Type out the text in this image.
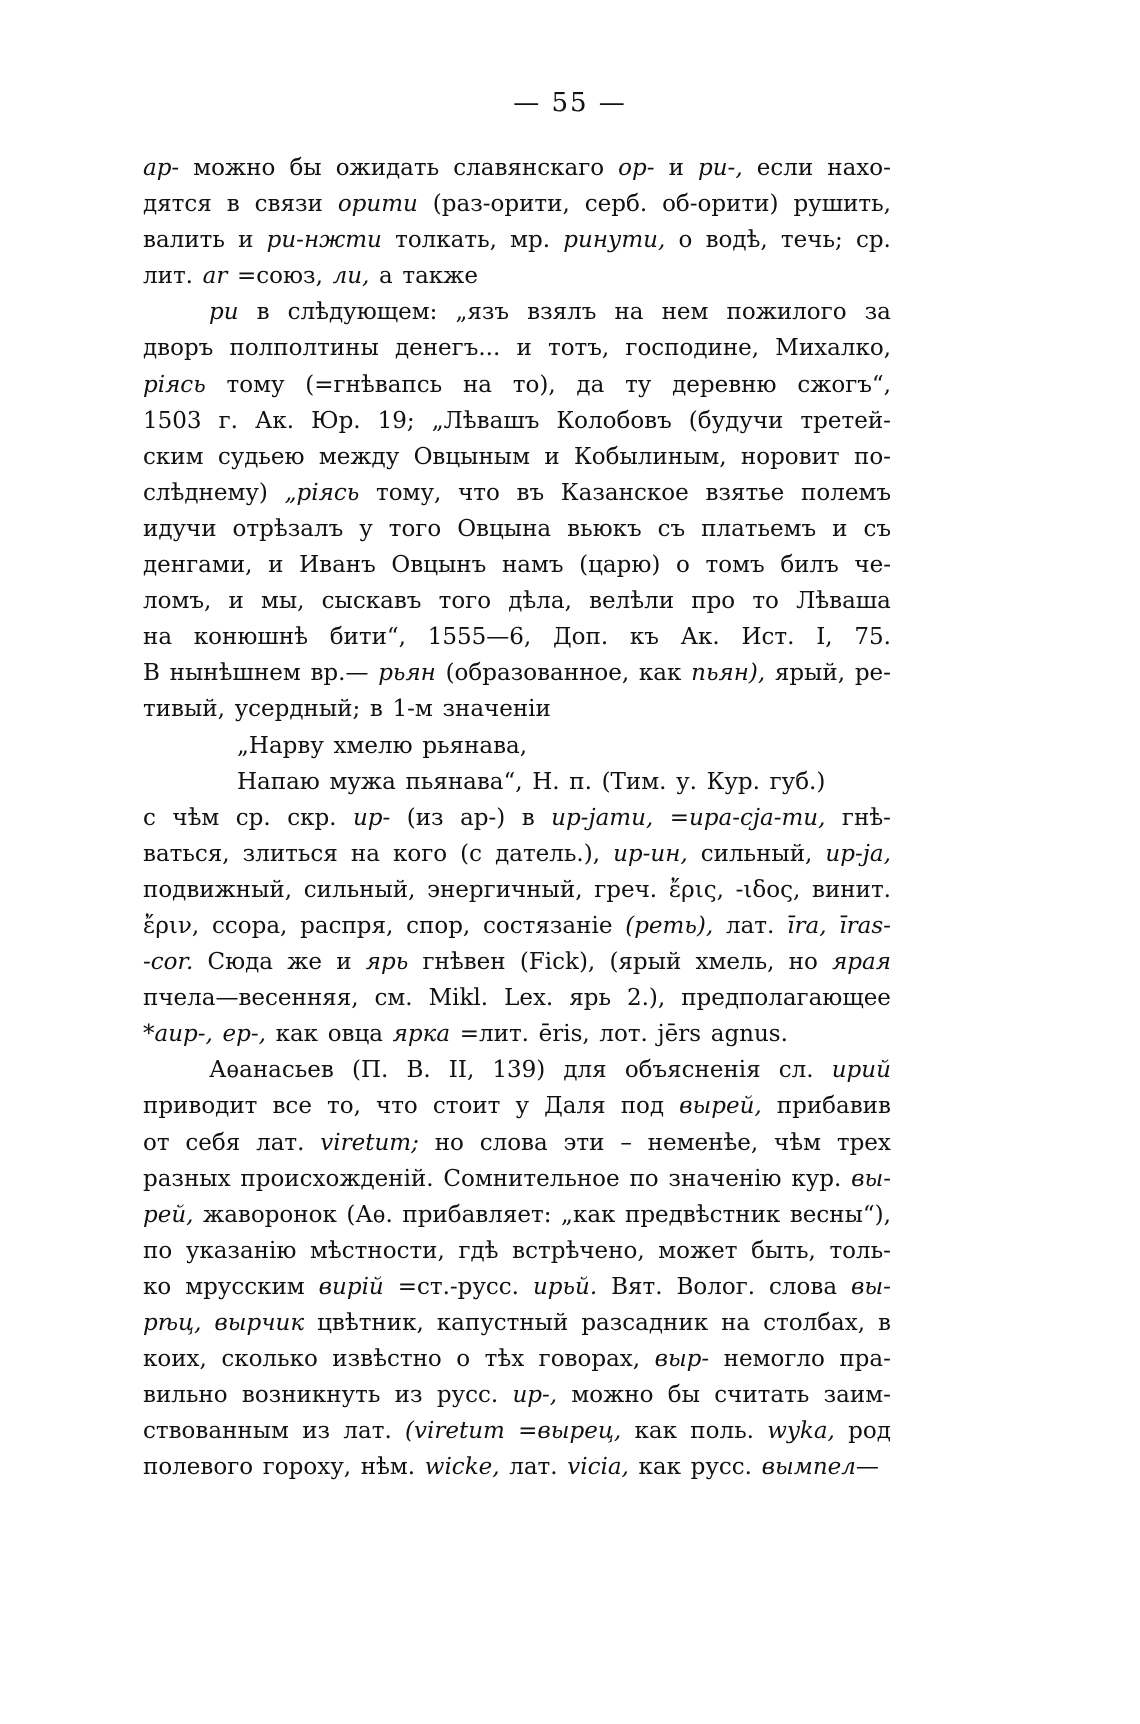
— 55 —
ар- можно бы ожидать славянскаго ор- и ри-, если нахо-
дятся в связи орити (раз-орити, серб. об-орити) рушить,
валить и ри-нжти толкать, мр. ринути, о водѣ, течь; ср.
лит. ar =союз, ли, а также
ри в слѣдующем: „язъ взялъ на нем пожилого за
дворъ полполтины денегъ... и тотъ, господине, Михалко,
рiясь тому (=гнѣвапсь на то), да ту деревню сжогъ“,
1503 г. Ак. Юр. 19; „Лѣвашъ Колобовъ (будучи третей-
ским судьею между Овцыным и Кобылиным, норовит по-
слѣднему) „рiясь тому, что въ Казанское взятье полемъ
идучи отрѣзалъ у того Овцына вьюкъ съ платьемъ и съ
денгами, и Иванъ Овцынъ намъ (царю) о томъ билъ че-
ломъ, и мы, сыскавъ того дѣла, велѣли про то Лѣваша
на конюшнѣ бити“, 1555—6, Доп. къ Ак. Ист. I, 75.
В нынѣшнем вр.— рьян (образованное, как пьян), ярый, ре-
тивый, усердный; в 1-м значенiи
„Нарву хмелю рьянава,
Напаю мужа пьянава“, Н. п. (Тим. у. Кур. губ.)
с чѣм ср. скр. ир- (из ар-) в ир-jати, =ира-сjа-ти, гнѣ-
ваться, злиться на кого (с датель.), ир-ин, сильный, ир-jа,
подвижный, сильный, энергичный, греч. ἔρις, -ιδος, винит.
ἔριν, ссора, распря, спор, состязанiе (реть), лат. īra, īras-
-cor. Сюда же и ярь гнѣвен (Fick), (ярый хмель, но яpaя
пчела—весенняя, см. Mikl. Lex. ярь 2.), предполагающее
*аир-, ер-, как овца ярка =лит. ēris, лот. jērs agnus.
Аѳанасьев (П. В. II, 139) для объясненiя сл. ирий
приводит все то, что стоит у Даля под вырей, прибавив
от себя лат. viretum; но слова эти – неменѣе, чѣм трех
разных происхожденiй. Сомнительное по значенiю кур. вы-
рей, жаворонок (Аѳ. прибавляет: „как предвѣстник весны“),
по указанiю мѣстности, гдѣ встрѣчено, может быть, толь-
ко мрусским вирiй =ст.-русс. ирьй. Вят. Волог. слова вы-
рѣц, вырчик цвѣтник, капустный разсадник на столбах, в
коих, сколько извѣстно о тѣх говорах, выр- немогло пра-
вильно возникнуть из русс. ир-, можно бы считать заим-
ствованным из лат. (viretum =вырец, как поль. wyka, род
полевого гороху, нѣм. wicke, лат. vicia, как русс. вымпел—
